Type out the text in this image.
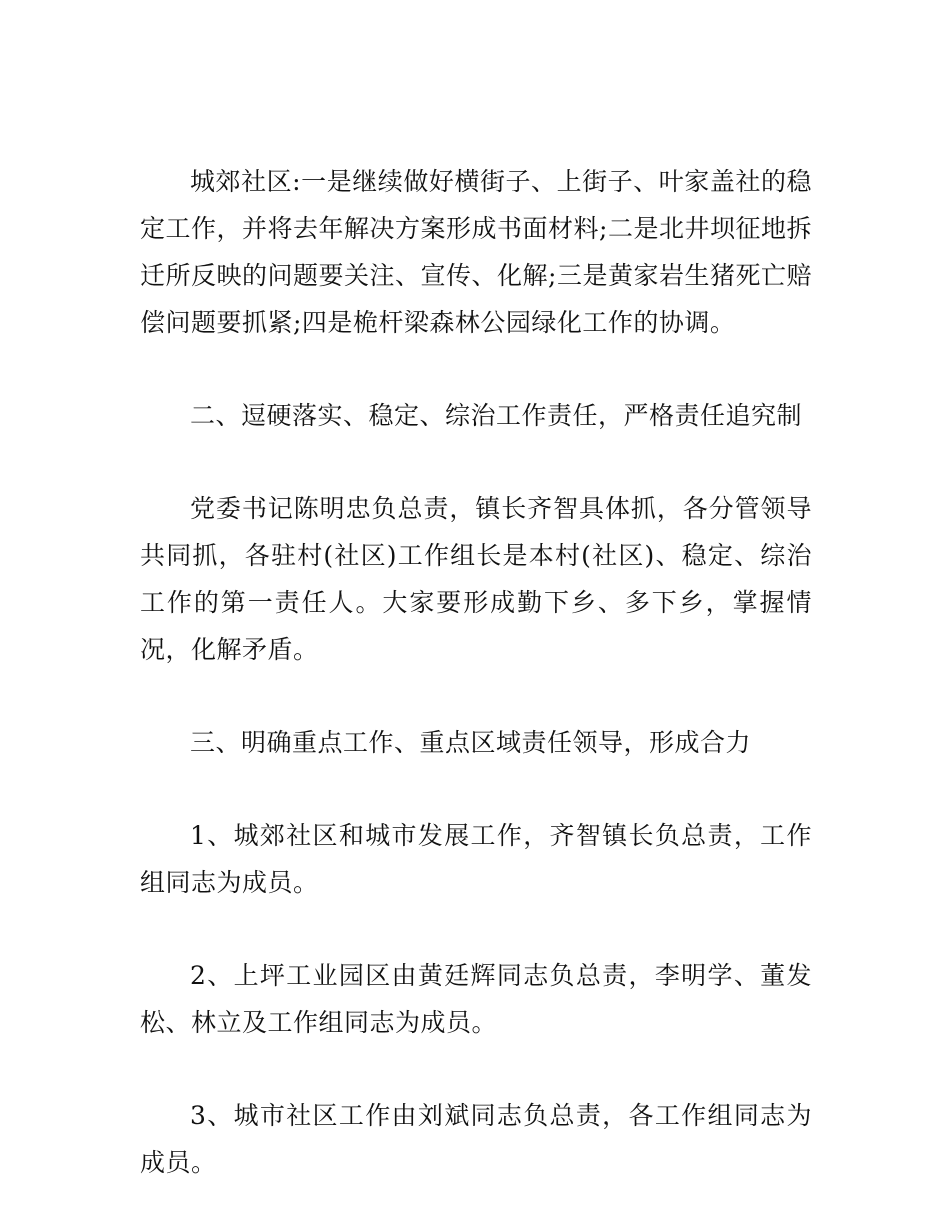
城郊社区:一是继续做好横街子、上街子、叶家盖社的稳定工作，并将去年解决方案形成书面材料;二是北井坝征地拆迁所反映的问题要关注、宣传、化解;三是黄家岩生猪死亡赔偿问题要抓紧;四是桅杆梁森林公园绿化工作的协调。

二、逗硬落实、稳定、综治工作责任，严格责任追究制

党委书记陈明忠负总责，镇长齐智具体抓，各分管领导共同抓，各驻村(社区)工作组长是本村(社区)、稳定、综治工作的第一责任人。大家要形成勤下乡、多下乡，掌握情况，化解矛盾。

三、明确重点工作、重点区域责任领导，形成合力

1、城郊社区和城市发展工作，齐智镇长负总责，工作组同志为成员。

2、上坪工业园区由黄廷辉同志负总责，李明学、董发松、林立及工作组同志为成员。

3、城市社区工作由刘斌同志负总责，各工作组同志为成员。
